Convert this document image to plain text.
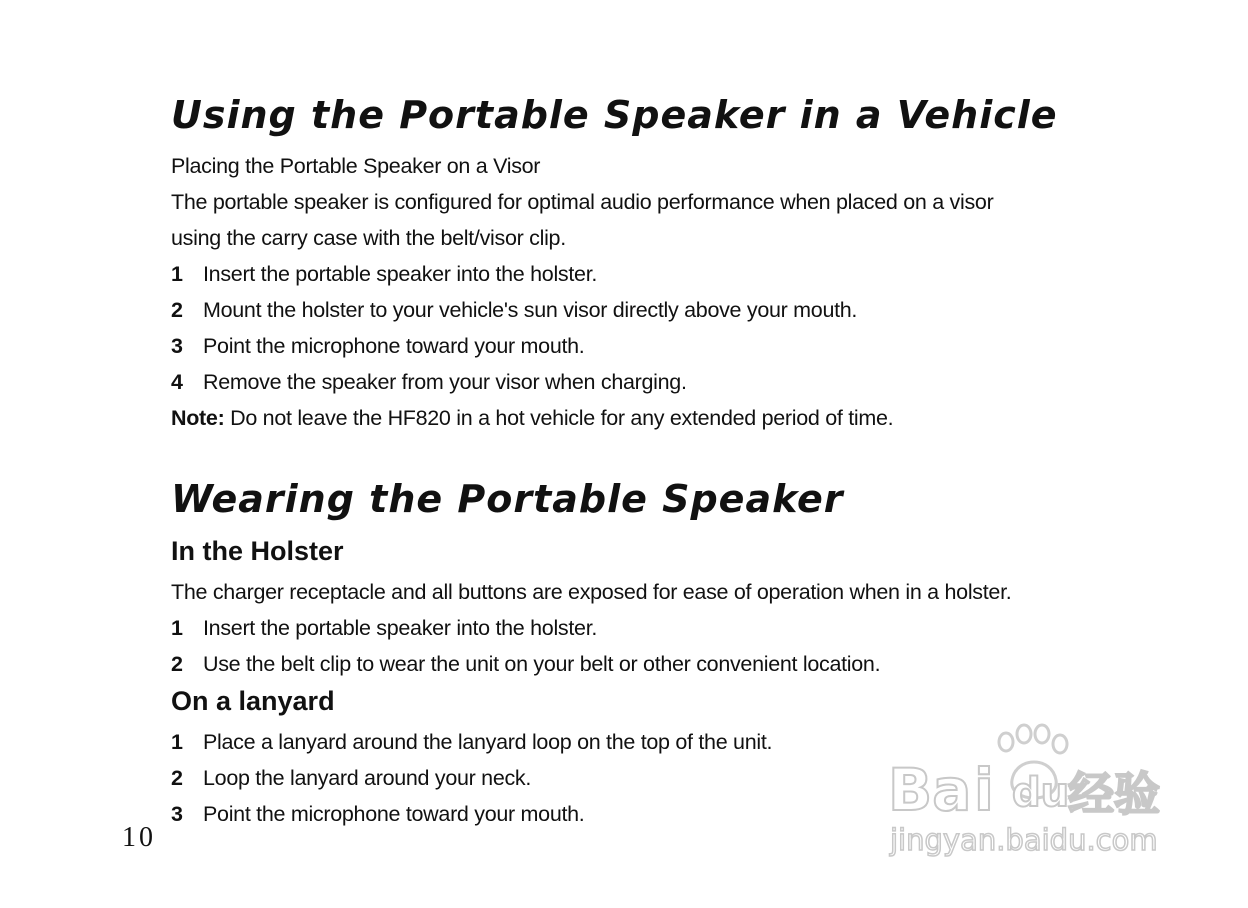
Using the Portable Speaker in a Vehicle

Placing the Portable Speaker on a Visor

The portable speaker is configured for optimal audio performance when placed on a visor

using the carry case with the belt/visor clip.

1 Insert the portable speaker into the holster.

2 Mount the holster to your vehicle's sun visor directly above your mouth.

3 Point the microphone toward your mouth.

4 Remove the speaker from your visor when charging.

Note: Do not leave the HF820 in a hot vehicle for any extended period of time.

Wearing the Portable Speaker
In the Holster

The charger receptacle and all buttons are exposed for ease of operation when in a holster.

1 Insert the portable speaker into the holster.

2 Use the belt clip to wear the unit on your belt or other convenient location.

On a lanyard

1 Place a lanyard around the lanyard loop on the top of the unit.

2 Loop the lanyard around your neck.

3 Point the microphone toward your mouth.

10
Ba i du
经验
jingyan.baidu.com
